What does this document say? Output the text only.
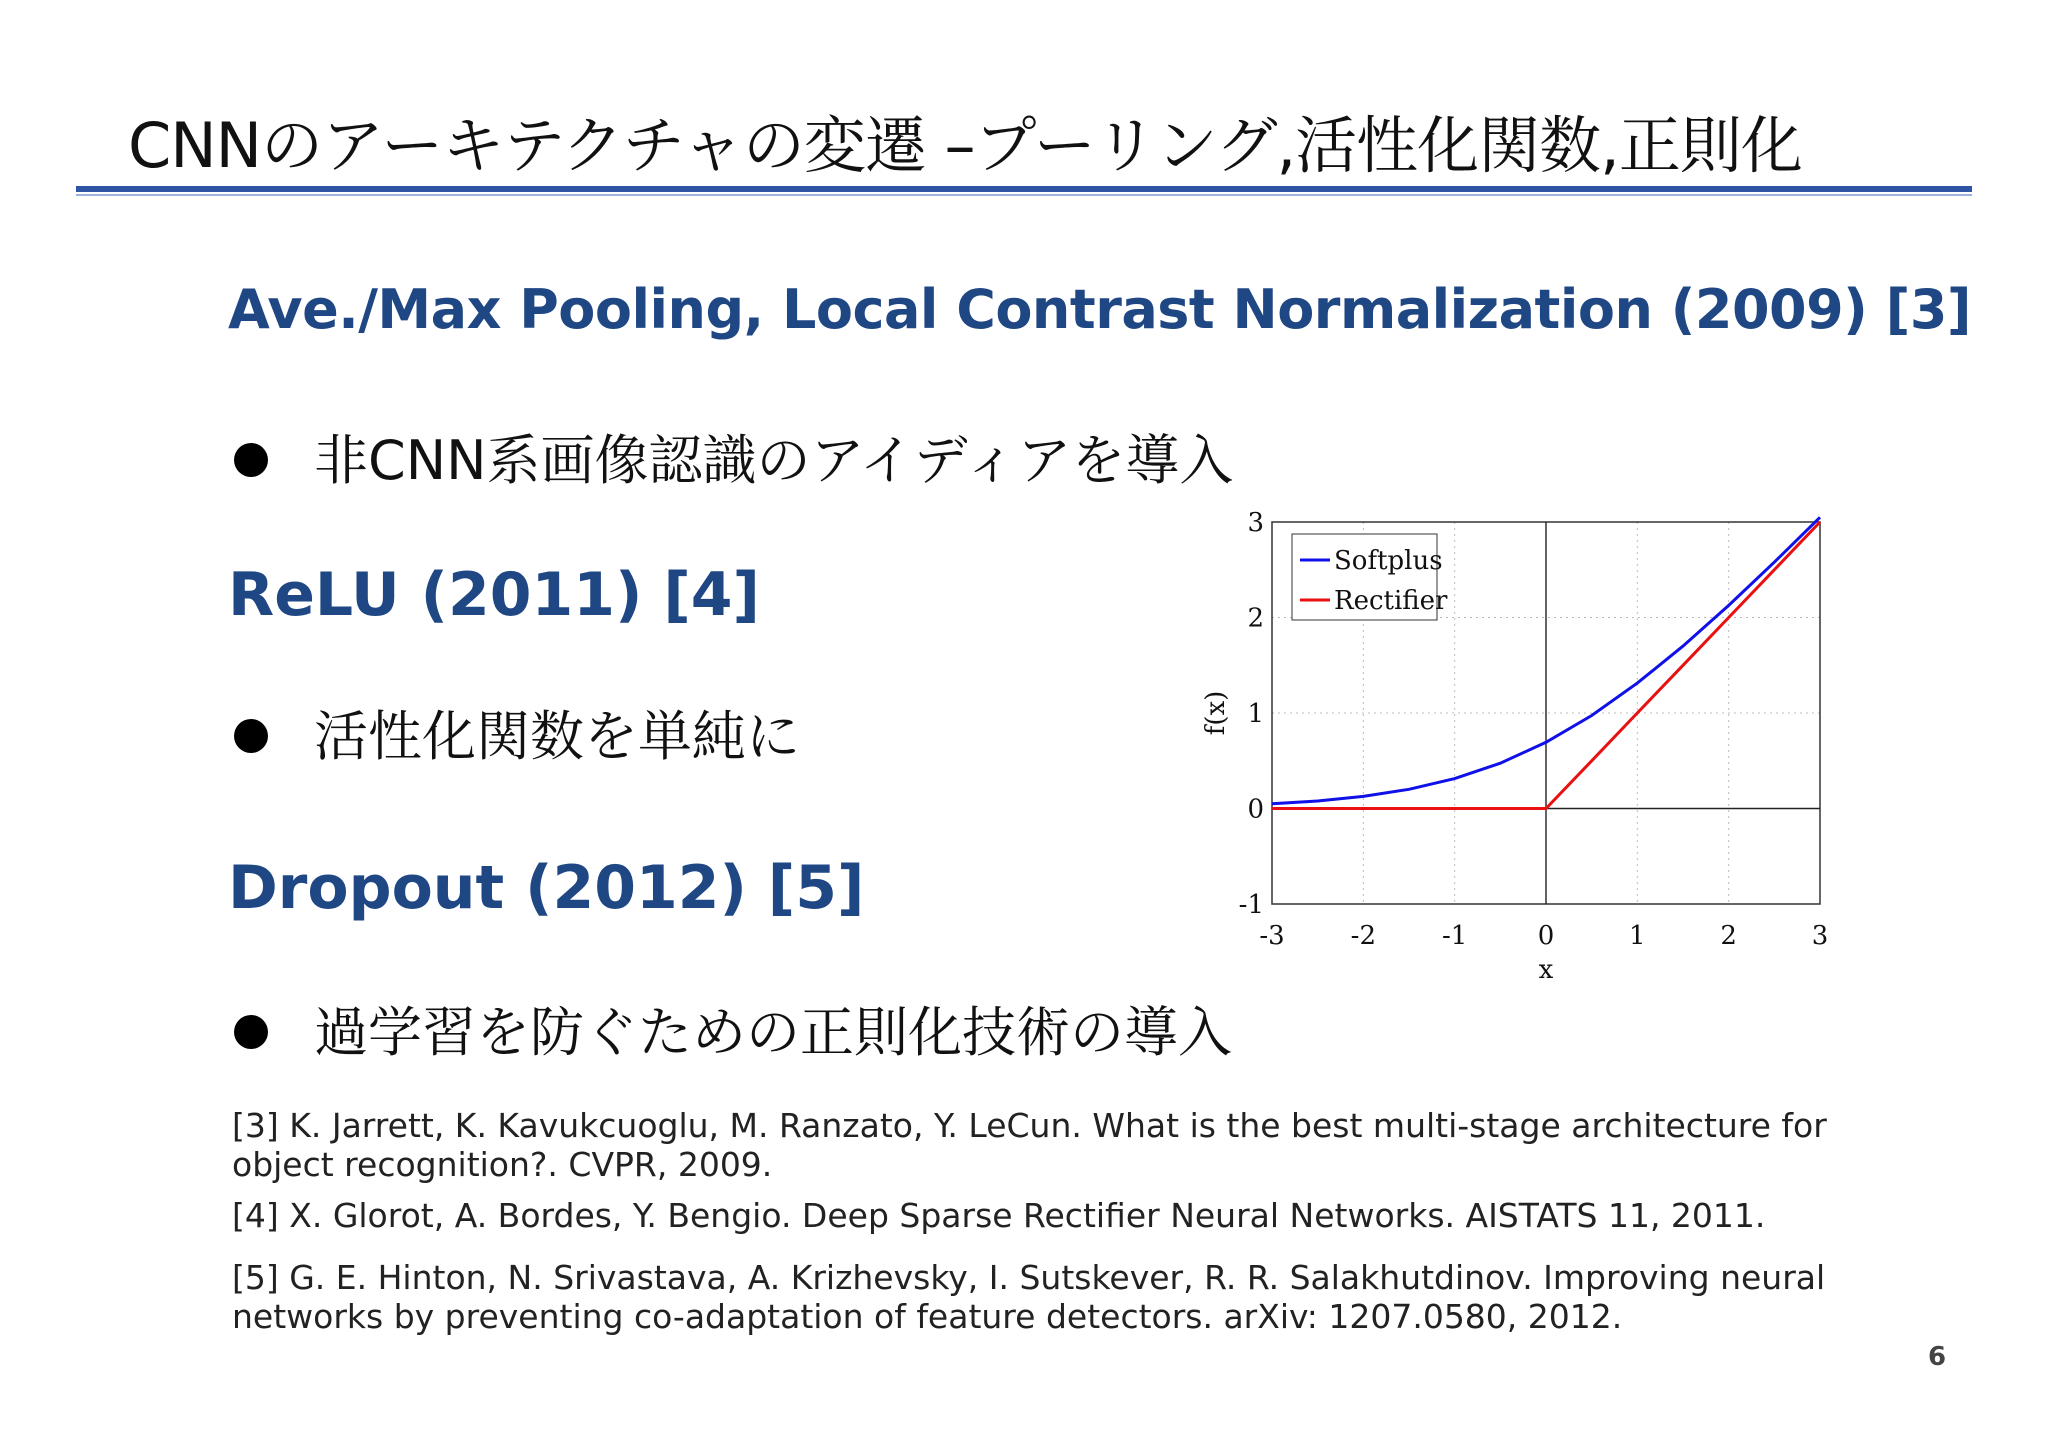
CNNのアーキテクチャの変遷 –プーリング,活性化関数,正則化
Ave./Max Pooling, Local Contrast Normalization (2009) [3]
非CNN系画像認識のアイディアを導入
ReLU (2011) [4]
活性化関数を単純に
Dropout (2012) [5]
過学習を防ぐための正則化技術の導入
-3	-2	-1	0	1	2	3
-1
0
1
2
3
x
f(x)
Softplus
Rectifier
[3] K. Jarrett, K. Kavukcuoglu, M. Ranzato, Y. LeCun. What is the best multi-stage architecture for object recognition?. CVPR, 2009.
[4] X. Glorot, A. Bordes, Y. Bengio. Deep Sparse Rectifier Neural Networks. AISTATS 11, 2011.
[5] G. E. Hinton, N. Srivastava, A. Krizhevsky, I. Sutskever, R. R. Salakhutdinov. Improving neural networks by preventing co-adaptation of feature detectors. arXiv: 1207.0580, 2012.
6
